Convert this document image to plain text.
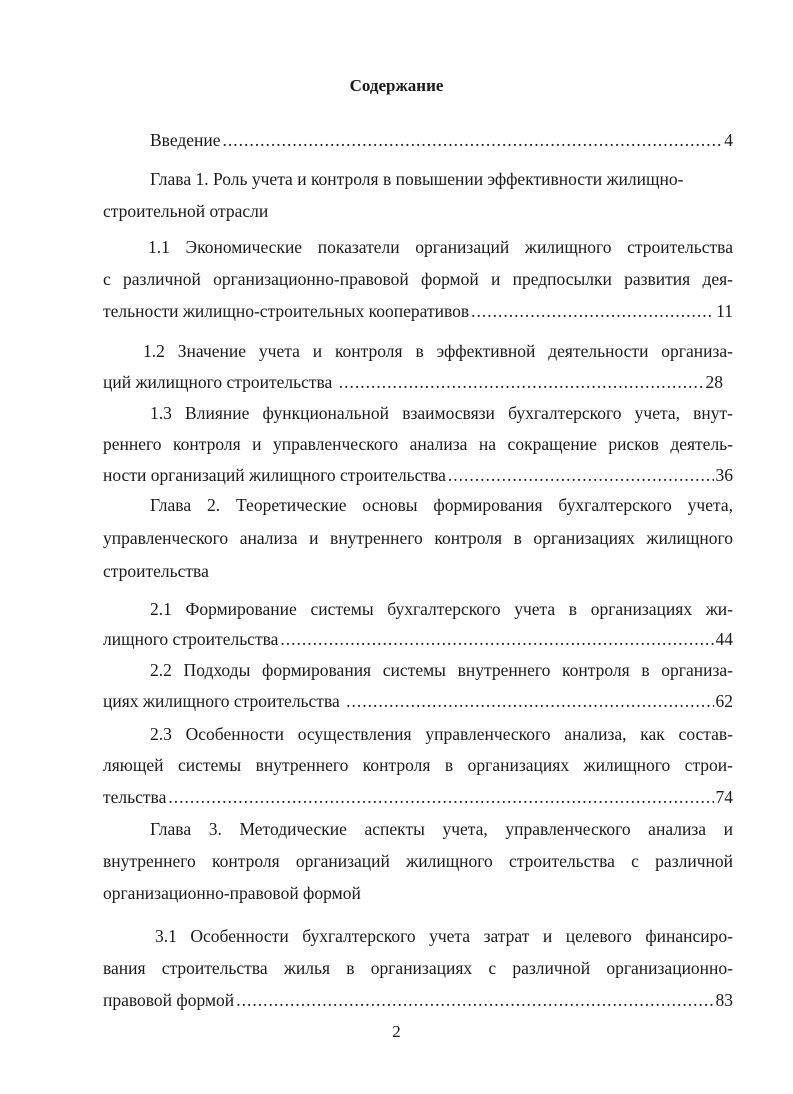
Содержание
Введение .....	4
Глава 1. Роль учета и контроля в повышении эффективности жилищно-
строительной отрасли
1.1 Экономические показатели организаций жилищного строительства
с различной организационно-правовой формой и предпосылки развития дея-
тельности жилищно-строительных кооперативов .....	11
1.2 Значение учета и контроля в эффективной деятельности организа-
ций жилищного строительства .....	28
1.3 Влияние функциональной взаимосвязи бухгалтерского учета, внут-
реннего контроля и управленческого анализа на сокращение рисков деятель-
ности организаций жилищного строительства .....	36
Глава 2. Теоретические основы формирования бухгалтерского учета,
управленческого анализа и внутреннего контроля в организациях жилищного
строительства
2.1 Формирование системы бухгалтерского учета в организациях жи-
лищного строительства .....	44
2.2 Подходы формирования системы внутреннего контроля в организа-
циях жилищного строительства .....	62
2.3 Особенности осуществления управленческого анализа, как состав-
ляющей системы внутреннего контроля в организациях жилищного строи-
тельства .....	74
Глава 3. Методические аспекты учета, управленческого анализа и
внутреннего контроля организаций жилищного строительства с различной
организационно-правовой формой
3.1 Особенности бухгалтерского учета затрат и целевого финансиро-
вания строительства жилья в организациях с различной организационно-
правовой формой .....	83
2
